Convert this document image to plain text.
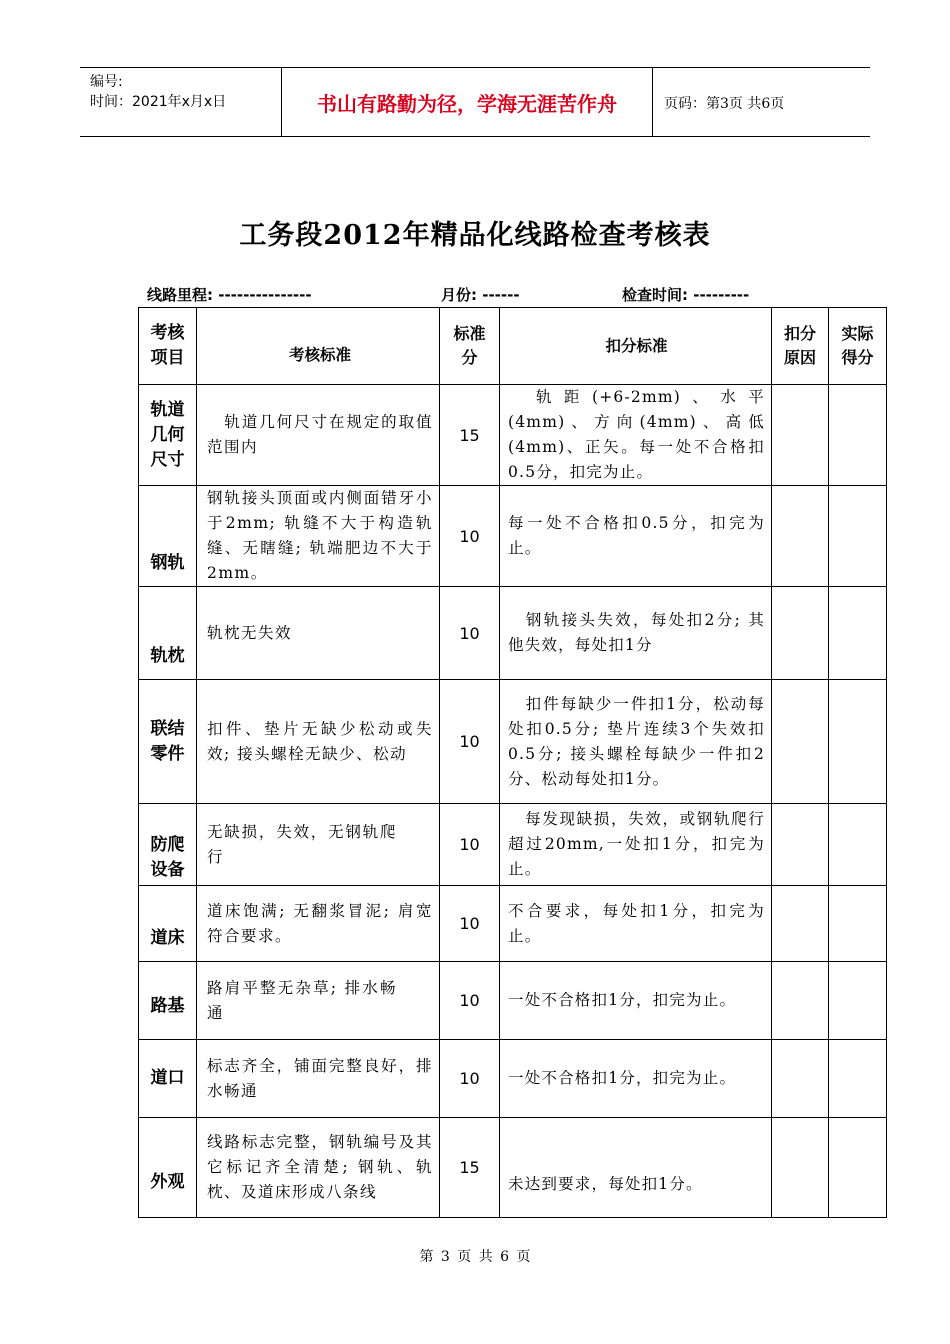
编号:
时间：2021年x月x日	书山有路勤为径，学海无涯苦作舟	页码：第3页 共6页
工务段2012年精品化线路检查考核表
线路里程: ---------------	月份: ------	检查时间: ---------
考核项目	考核标准	标准分	扣分标准	扣分原因	实际得分

轨道几何尺寸	　轨道几何尺寸在规定的取值范围内	15	　轨距(+6-2mm)、水平(4mm)、方向(4mm)、高低(4mm)、正矢。每一处不合格扣0.5分，扣完为止。		
钢轨	钢轨接头顶面或内侧面错牙小于2mm; 轨缝不大于构造轨缝、无瞎缝; 轨端肥边不大于2mm。	10	每一处不合格扣0.5分，扣完为止。		
轨枕	轨枕无失效	10	　钢轨接头失效，每处扣2分; 其他失效，每处扣1分		

联结零件	扣件、垫片无缺少松动或失效; 接头螺栓无缺少、松动	10	　扣件每缺少一件扣1分，松动每处扣0.5分; 垫片连续3个失效扣0.5分; 接头螺栓每缺少一件扣2分、松动每处扣1分。		

防爬设备	无缺损，失效，无钢轨爬行	10	　每发现缺损，失效，或钢轨爬行超过20mm,一处扣1分，扣完为止。		
道床	道床饱满; 无翻浆冒泥; 肩宽符合要求。	10	不合要求，每处扣1分，扣完为止。		
路基	路肩平整无杂草; 排水畅通	10	一处不合格扣1分，扣完为止。		
道口	标志齐全，铺面完整良好，排水畅通	10	一处不合格扣1分，扣完为止。		
外观	线路标志完整，钢轨编号及其它标记齐全清楚; 钢轨、轨枕、及道床形成八条线	15	未达到要求，每处扣1分。		
第 3 页 共 6 页
